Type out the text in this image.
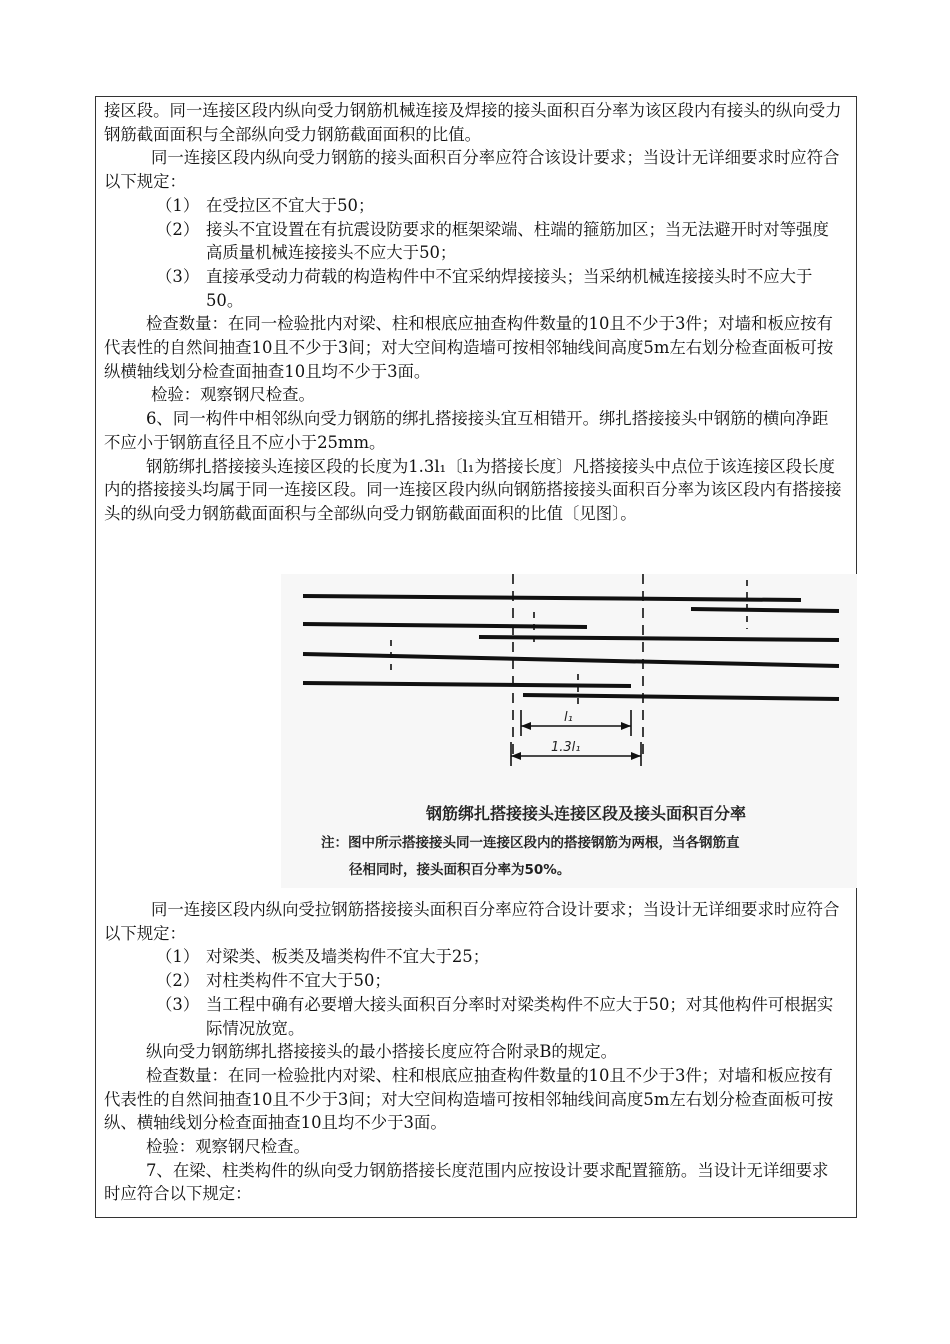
接区段。同一连接区段内纵向受力钢筋机械连接及焊接的接头面积百分率为该区段内有接头的纵向受力钢筋截面面积与全部纵向受力钢筋截面面积的比值。

同一连接区段内纵向受力钢筋的接头面积百分率应符合该设计要求；当设计无详细要求时应符合以下规定：

（1） 在受拉区不宜大于50；
（2） 接头不宜设置在有抗震设防要求的框架梁端、柱端的箍筋加区；当无法避开时对等强度高质量机械连接接头不应大于50；
（3） 直接承受动力荷载的构造构件中不宜采纳焊接接头；当采纳机械连接接头时不应大于50。

检查数量：在同一检验批内对梁、柱和根底应抽查构件数量的10且不少于3件；对墙和板应按有代表性的自然间抽查10且不少于3间；对大空间构造墙可按相邻轴线间高度5m左右划分检查面板可按纵横轴线划分检查面抽查10且均不少于3面。

检验：观察钢尺检查。

6、同一构件中相邻纵向受力钢筋的绑扎搭接接头宜互相错开。绑扎搭接接头中钢筋的横向净距不应小于钢筋直径且不应小于25mm。

钢筋绑扎搭接接头连接区段的长度为1.3l₁〔l₁为搭接长度〕凡搭接接头中点位于该连接区段长度内的搭接接头均属于同一连接区段。同一连接区段内纵向钢筋搭接接头面积百分率为该区段内有搭接接头的纵向受力钢筋截面面积与全部纵向受力钢筋截面面积的比值〔见图〕。

l₁
1.3l₁
钢筋绑扎搭接接头连接区段及接头面积百分率
注：图中所示搭接接头同一连接区段内的搭接钢筋为两根，当各钢筋直
径相同时，接头面积百分率为50%。

同一连接区段内纵向受拉钢筋搭接接头面积百分率应符合设计要求；当设计无详细要求时应符合以下规定：

（1） 对梁类、板类及墙类构件不宜大于25；
（2） 对柱类构件不宜大于50；
（3） 当工程中确有必要增大接头面积百分率时对梁类构件不应大于50；对其他构件可根据实际情况放宽。

纵向受力钢筋绑扎搭接接头的最小搭接长度应符合附录B的规定。

检查数量：在同一检验批内对梁、柱和根底应抽查构件数量的10且不少于3件；对墙和板应按有代表性的自然间抽查10且不少于3间；对大空间构造墙可按相邻轴线间高度5m左右划分检查面板可按纵、横轴线划分检查面抽查10且均不少于3面。

检验：观察钢尺检查。

7、在梁、柱类构件的纵向受力钢筋搭接长度范围内应按设计要求配置箍筋。当设计无详细要求时应符合以下规定：
